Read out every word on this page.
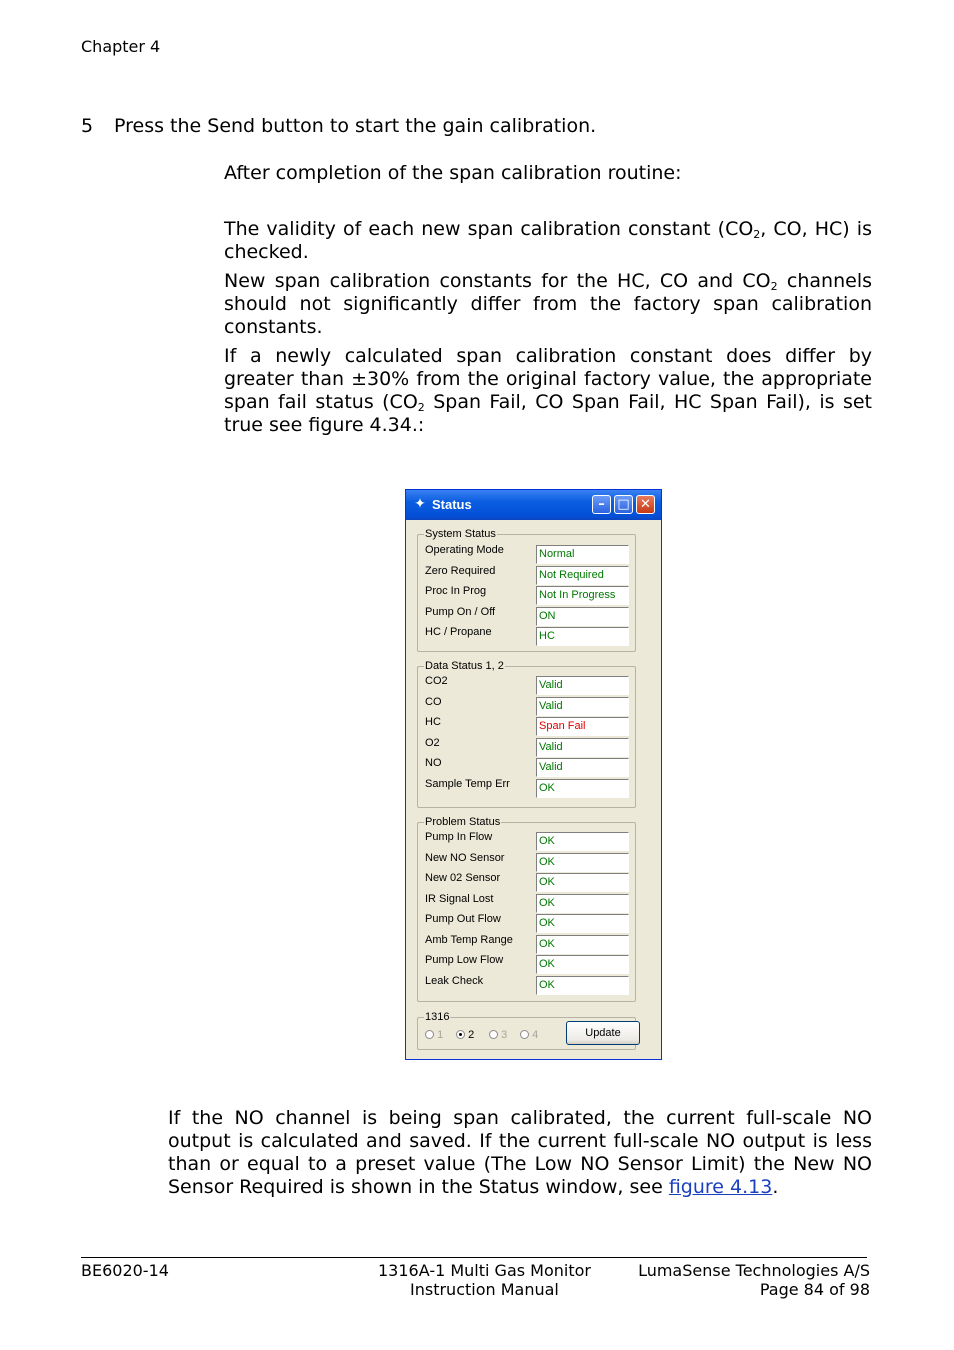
Chapter 4
5 Press the Send button to start the gain calibration.
After completion of the span calibration routine:
The validity of each new span calibration constant ($CO_2$, CO, HC) is checked.
New span calibration constants for the HC, CO and $CO_2$ channels should not significantly differ from the factory span calibration constants.
If a newly calculated span calibration constant does differ by greater than ±30% from the original factory value, the appropriate span fail status ($CO_2$ Span Fail, CO Span Fail, HC Span Fail), is set true see figure 4.34.:
✦ Status	– □ ✕
System Status
Operating Mode	Normal
Zero Required	Not Required
Proc In Prog	Not In Progress
Pump On / Off	ON
HC / Propane	HC
Data Status 1, 2
CO2	Valid
CO	Valid
HC	Span Fail
O2	Valid
NO	Valid
Sample Temp Err	OK
Problem Status
Pump In Flow	OK
New NO Sensor	OK
New 02 Sensor	OK
IR Signal Lost	OK
Pump Out Flow	OK
Amb Temp Range OK
Pump Low Flow	OK
Leak Check	OK
1316
1	2	3	4	Update
If the NO channel is being span calibrated, the current full-scale NO output is calculated and saved. If the current full-scale NO output is less than or equal to a preset value (The Low NO Sensor Limit) the New NO Sensor Required is shown in the Status window, see figure 4.13.
BE6020-14	1316A-1 Multi Gas Monitor
Instruction Manual
LumaSense Technologies A/S
Page 84 of 98
